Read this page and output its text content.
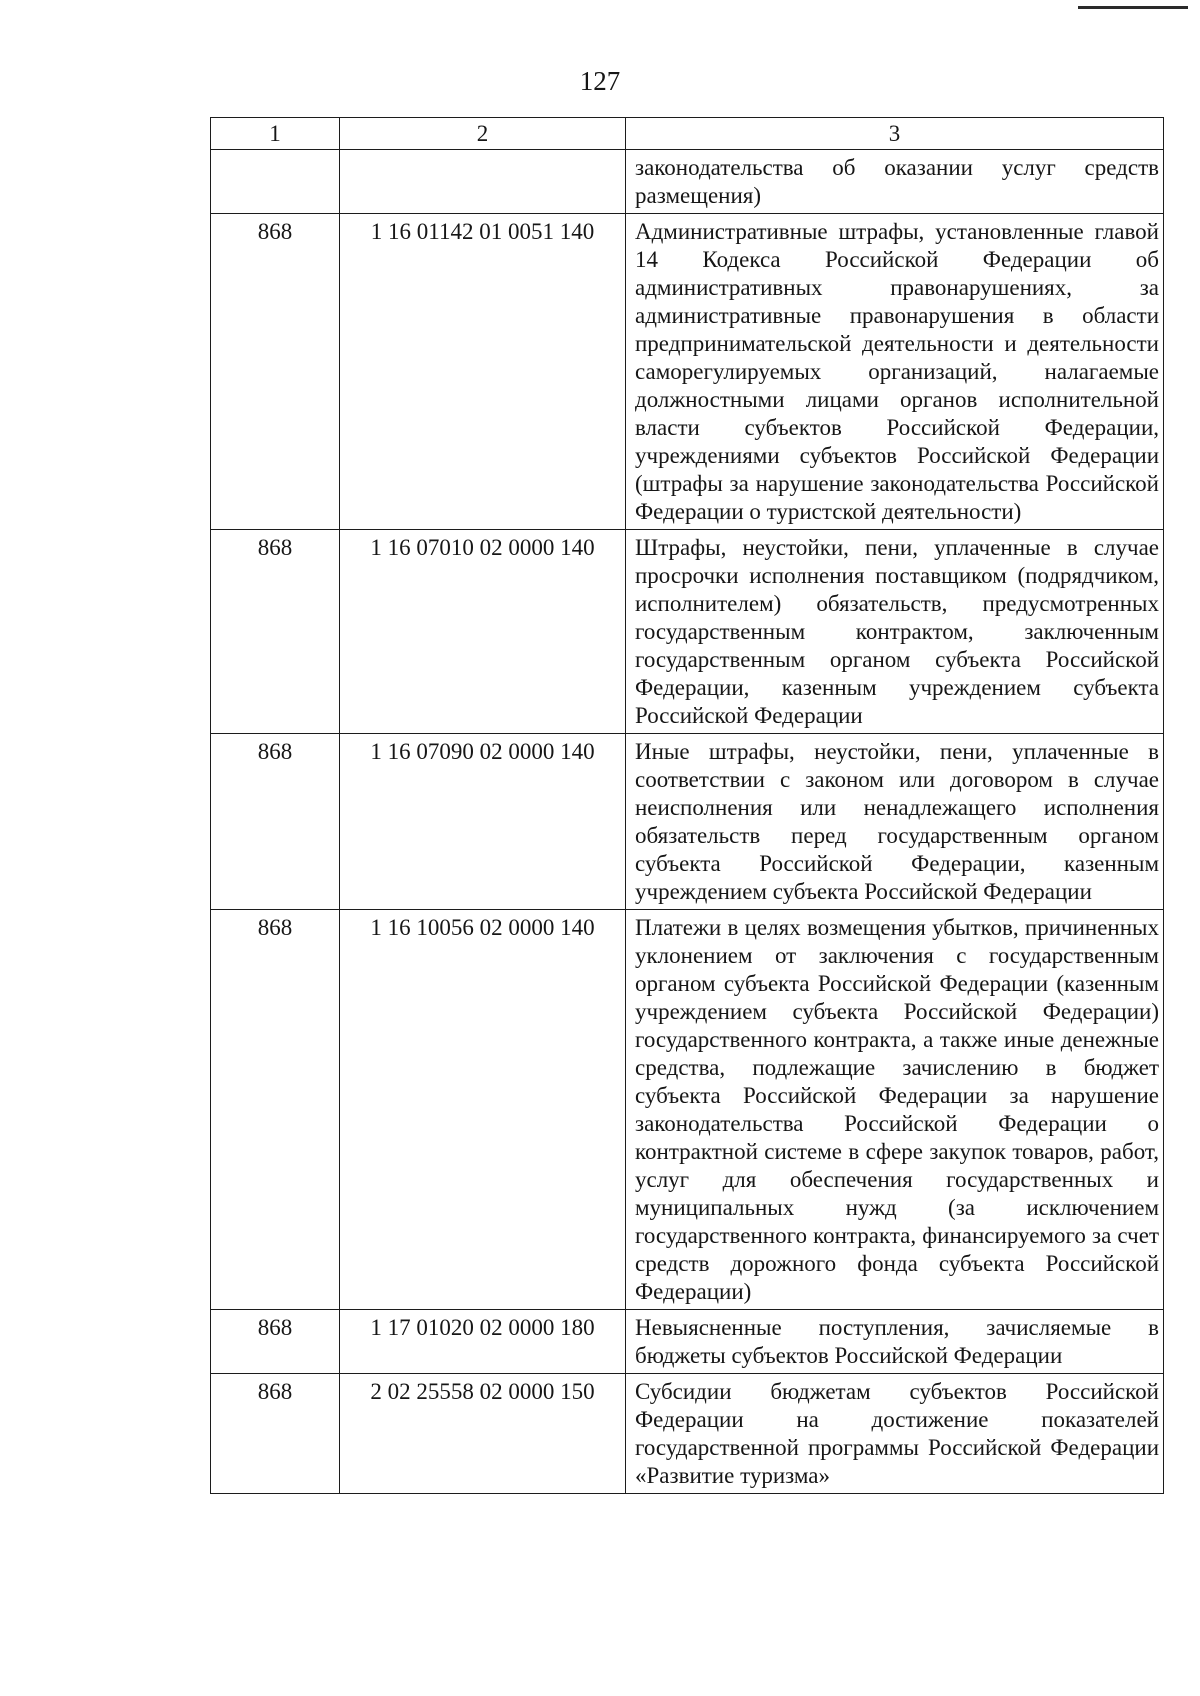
127
1	2	3
		законодательства об оказании услуг средств размещения)
868	1 16 01142 01 0051 140	Административные штрафы, установленные главой 14 Кодекса Российской Федерации об административных правонарушениях, за административные правонарушения в области предпринимательской деятельности и деятельности саморегулируемых организаций, налагаемые должностными лицами органов исполнительной власти субъектов Российской Федерации, учреждениями субъектов Российской Федерации (штрафы за нарушение законодательства Российской Федерации о туристской деятельности)
868	1 16 07010 02 0000 140	Штрафы, неустойки, пени, уплаченные в случае просрочки исполнения поставщиком (подрядчиком, исполнителем) обязательств, предусмотренных государственным контрактом, заключенным государственным органом субъекта Российской Федерации, казенным учреждением субъекта Российской Федерации
868	1 16 07090 02 0000 140	Иные штрафы, неустойки, пени, уплаченные в соответствии с законом или договором в случае неисполнения или ненадлежащего исполнения обязательств перед государственным органом субъекта Российской Федерации, казенным учреждением субъекта Российской Федерации
868	1 16 10056 02 0000 140	Платежи в целях возмещения убытков, причиненных уклонением от заключения с государственным органом субъекта Российской Федерации (казенным учреждением субъекта Российской Федерации) государственного контракта, а также иные денежные средства, подлежащие зачислению в бюджет субъекта Российской Федерации за нарушение законодательства Российской Федерации о контрактной системе в сфере закупок товаров, работ, услуг для обеспечения государственных и муниципальных нужд (за исключением государственного контракта, финансируемого за счет средств дорожного фонда субъекта Российской Федерации)
868	1 17 01020 02 0000 180	Невыясненные поступления, зачисляемые в бюджеты субъектов Российской Федерации
868	2 02 25558 02 0000 150	Субсидии бюджетам субъектов Российской Федерации на достижение показателей государственной программы Российской Федерации «Развитие туризма»
